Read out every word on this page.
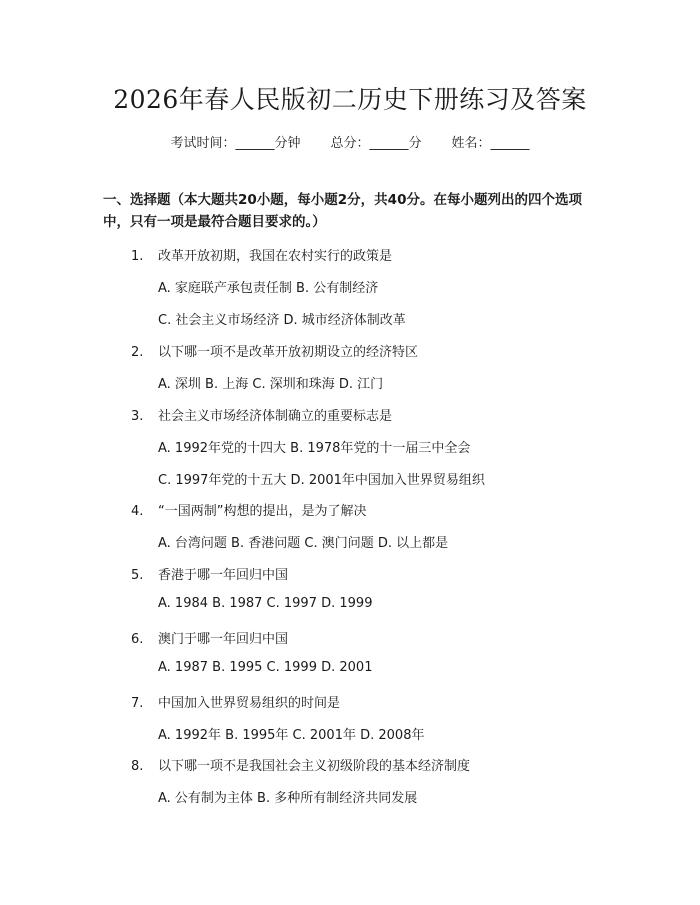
2026年春人民版初二历史下册练习及答案
考试时间：______分钟 总分：______分 姓名：______
一、选择题（本大题共20小题，每小题2分，共40分。在每小题列出的四个选项中，只有一项是最符合题目要求的。）
1. 改革开放初期，我国在农村实行的政策是
A. 家庭联产承包责任制 B. 公有制经济
C. 社会主义市场经济 D. 城市经济体制改革
2. 以下哪一项不是改革开放初期设立的经济特区
A. 深圳 B. 上海 C. 深圳和珠海 D. 江门
3. 社会主义市场经济体制确立的重要标志是
A. 1992年党的十四大 B. 1978年党的十一届三中全会
C. 1997年党的十五大 D. 2001年中国加入世界贸易组织
4. “一国两制”构想的提出，是为了解决
A. 台湾问题 B. 香港问题 C. 澳门问题 D. 以上都是
5. 香港于哪一年回归中国
A. 1984 B. 1987 C. 1997 D. 1999
6. 澳门于哪一年回归中国
A. 1987 B. 1995 C. 1999 D. 2001
7. 中国加入世界贸易组织的时间是
A. 1992年 B. 1995年 C. 2001年 D. 2008年
8. 以下哪一项不是我国社会主义初级阶段的基本经济制度
A. 公有制为主体 B. 多种所有制经济共同发展
